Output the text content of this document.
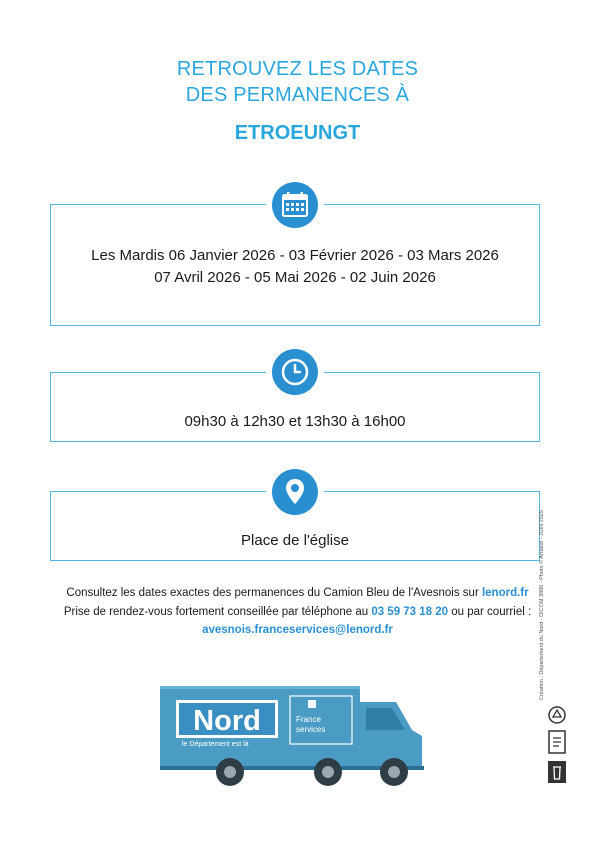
RETROUVEZ LES DATES
DES PERMANENCES À
ETROEUNGT
Les Mardis 06 Janvier 2026 - 03 Février 2026 - 03 Mars 2026
07 Avril 2026 - 05 Mai 2026 - 02 Juin 2026
09h30 à 12h30 et 13h30 à 16h00
Place de l'église
Consultez les dates exactes des permanences du Camion Bleu de l'Avesnois sur lenord.fr
Prise de rendez-vous fortement conseillée par téléphone au 03 59 73 18 20 ou par courriel :
avesnois.franceservices@lenord.fr
Nord
le Département est là
France
services
Création : Département du Nord - DICOM 3880 - Photo © Arnaud - JUIN 2025
